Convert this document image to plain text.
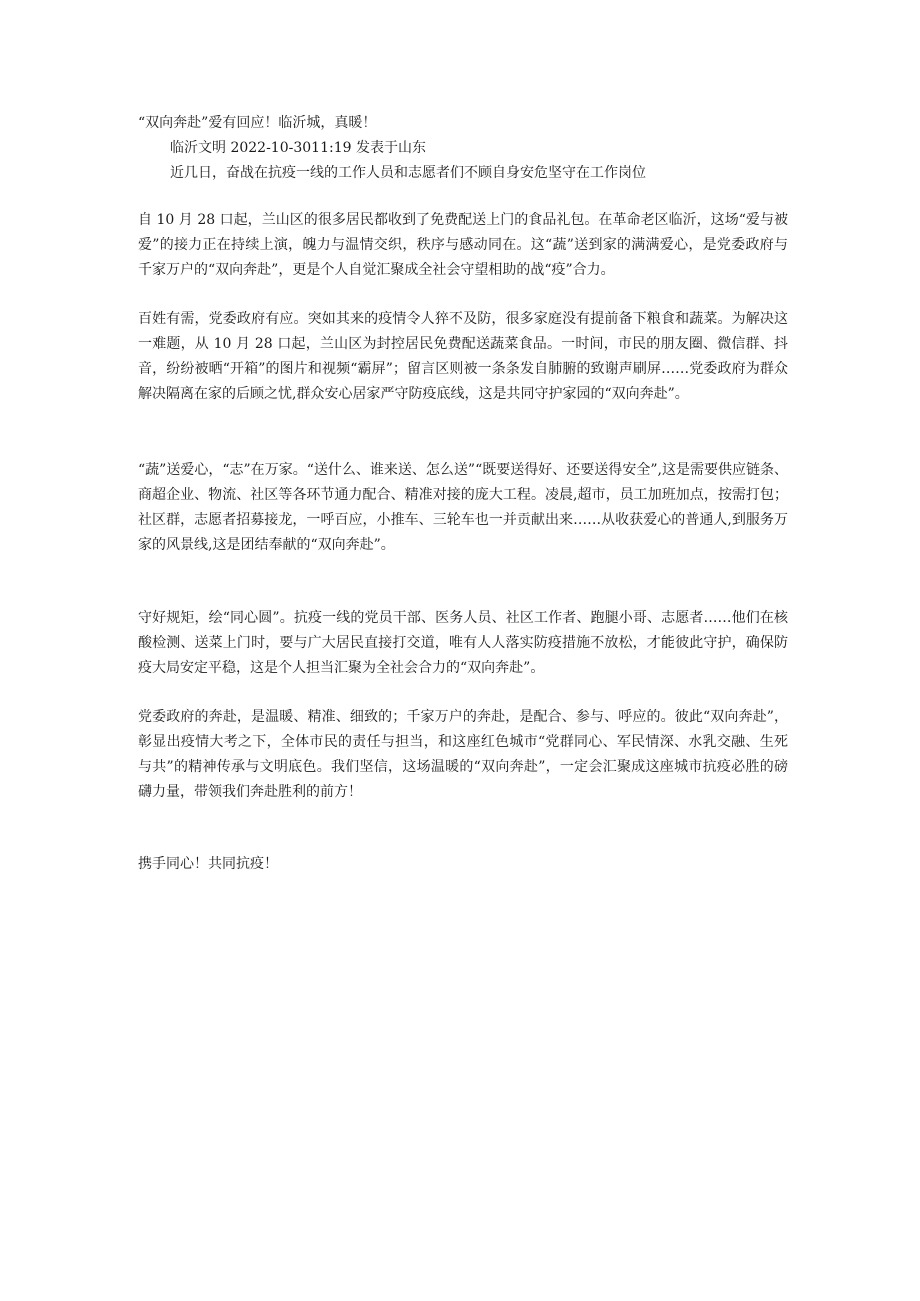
“双向奔赴”爱有回应！临沂城，真暖！
临沂文明 2022-10-3011:19 发表于山东
近几日，奋战在抗疫一线的工作人员和志愿者们不顾自身安危坚守在工作岗位
自 10 月 28 口起，兰山区的很多居民都收到了免费配送上门的食品礼包。在革命老区临沂，这场“爱与被爱”的接力正在持续上演，魄力与温情交织，秩序与感动同在。这“蔬”送到家的满满爱心，是党委政府与千家万户的“双向奔赴”，更是个人自觉汇聚成全社会守望相助的战“疫”合力。
百姓有需，党委政府有应。突如其来的疫情令人猝不及防，很多家庭没有提前备下粮食和蔬菜。为解决这一难题，从 10 月 28 口起，兰山区为封控居民免费配送蔬菜食品。一时间，市民的朋友圈、微信群、抖音，纷纷被晒“开箱”的图片和视频“霸屏”；留言区则被一条条发自肺腑的致谢声刷屏……党委政府为群众解决隔离在家的后顾之忧,群众安心居家严守防疫底线，这是共同守护家园的“双向奔赴”。
“蔬”送爱心，“志”在万家。“送什么、谁来送、怎么送”“既要送得好、还要送得安全”,这是需要供应链条、商超企业、物流、社区等各环节通力配合、精准对接的庞大工程。凌晨,超市，员工加班加点，按需打包；社区群，志愿者招募接龙，一呼百应，小推车、三轮车也一并贡献出来……从收获爱心的普通人,到服务万家的风景线,这是团结奉献的“双向奔赴”。
守好规矩，绘“同心圆”。抗疫一线的党员干部、医务人员、社区工作者、跑腿小哥、志愿者……他们在核酸检测、送菜上门时，要与广大居民直接打交道，唯有人人落实防疫措施不放松，才能彼此守护，确保防疫大局安定平稳，这是个人担当汇聚为全社会合力的“双向奔赴”。
党委政府的奔赴，是温暖、精准、细致的；千家万户的奔赴，是配合、参与、呼应的。彼此“双向奔赴”，彰显出疫情大考之下，全体市民的责任与担当，和这座红色城市“党群同心、军民情深、水乳交融、生死与共”的精神传承与文明底色。我们坚信，这场温暖的“双向奔赴”，一定会汇聚成这座城市抗疫必胜的磅礴力量，带领我们奔赴胜利的前方！
携手同心！共同抗疫！
